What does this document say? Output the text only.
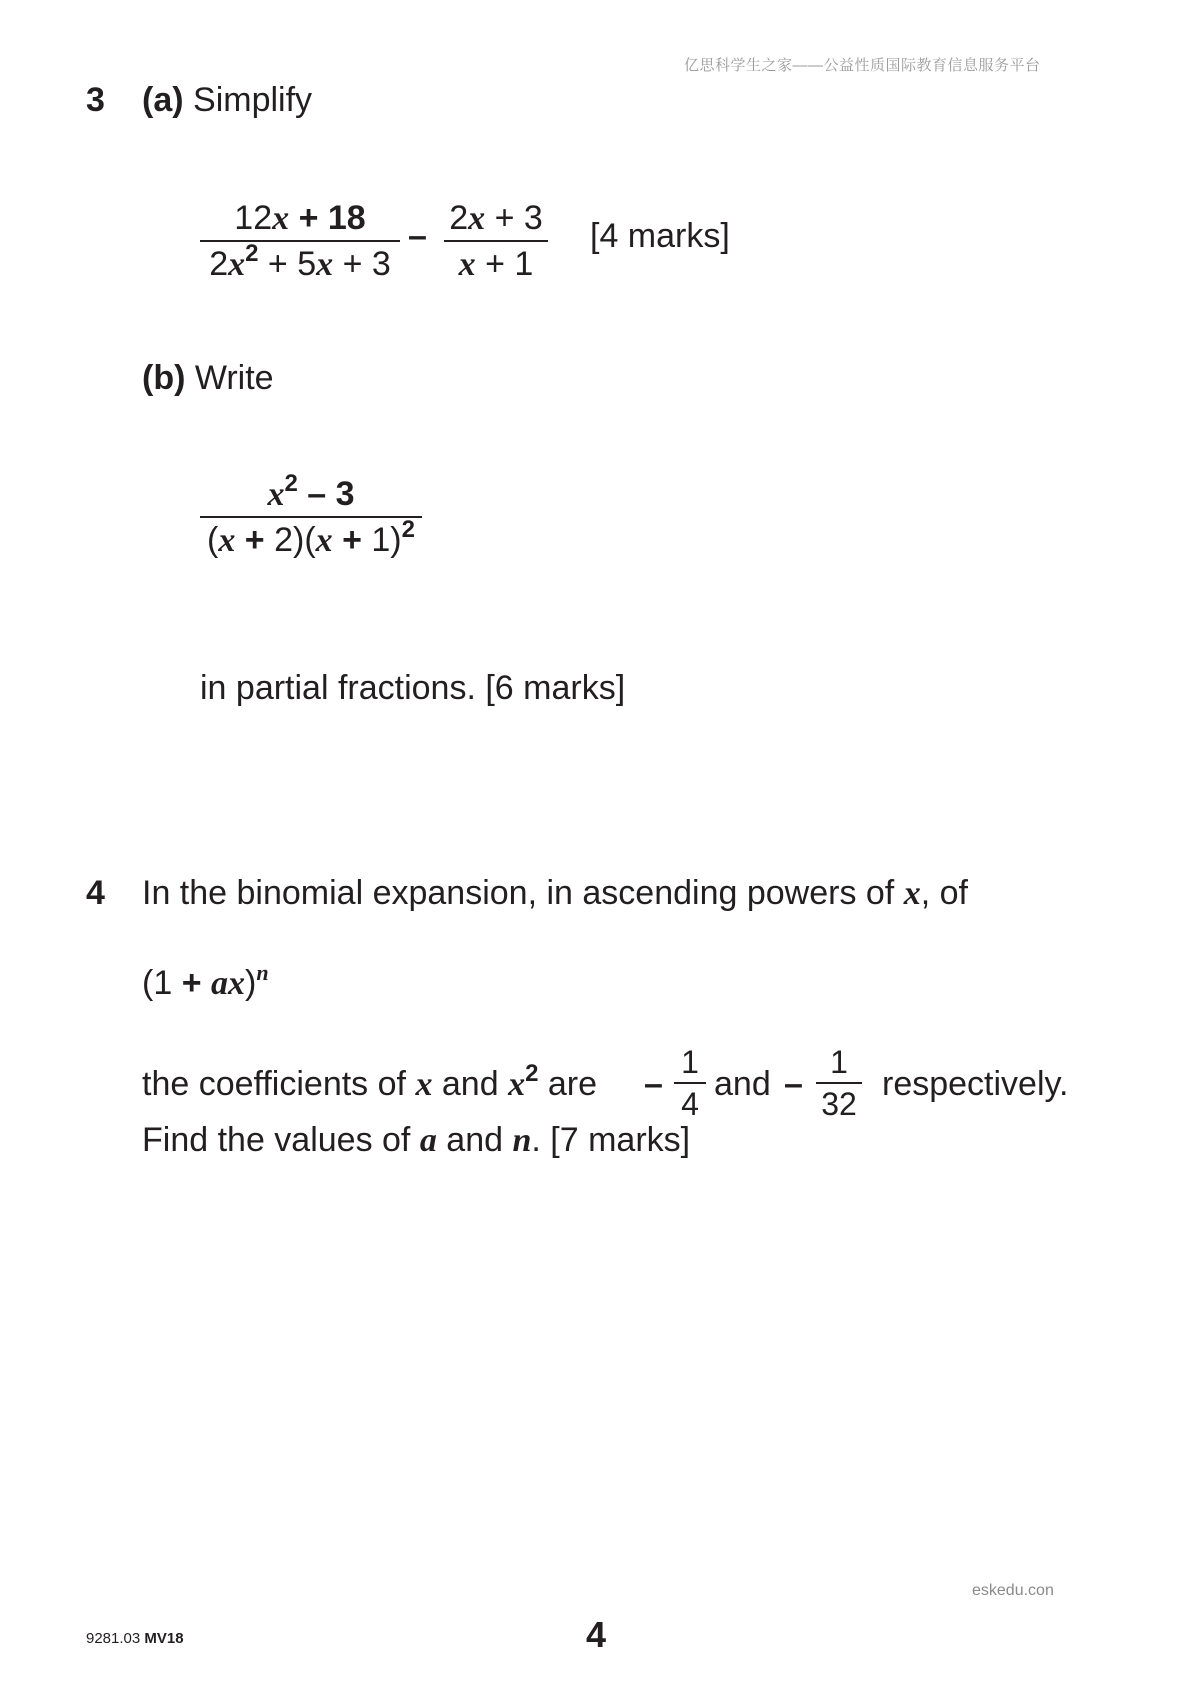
亿思科学生之家——公益性质国际教育信息服务平台
3 (a) Simplify
12x + 18
$2x^2 + 5x + 3$
– 2x + 3
x + 1
[4 marks]
(b) Write
$x^2 - 3$
$(x + 2)(x + 1)^2$
in partial fractions. [6 marks]
4 In the binomial expansion, in ascending powers of x, of
(1 + ax)$^n$
the coefficients of x and $x^2$ are –
1
4
and –
1
32
respectively.
Find the values of a and n. [7 marks]
eskedu.con
9281.03 MV18	4
